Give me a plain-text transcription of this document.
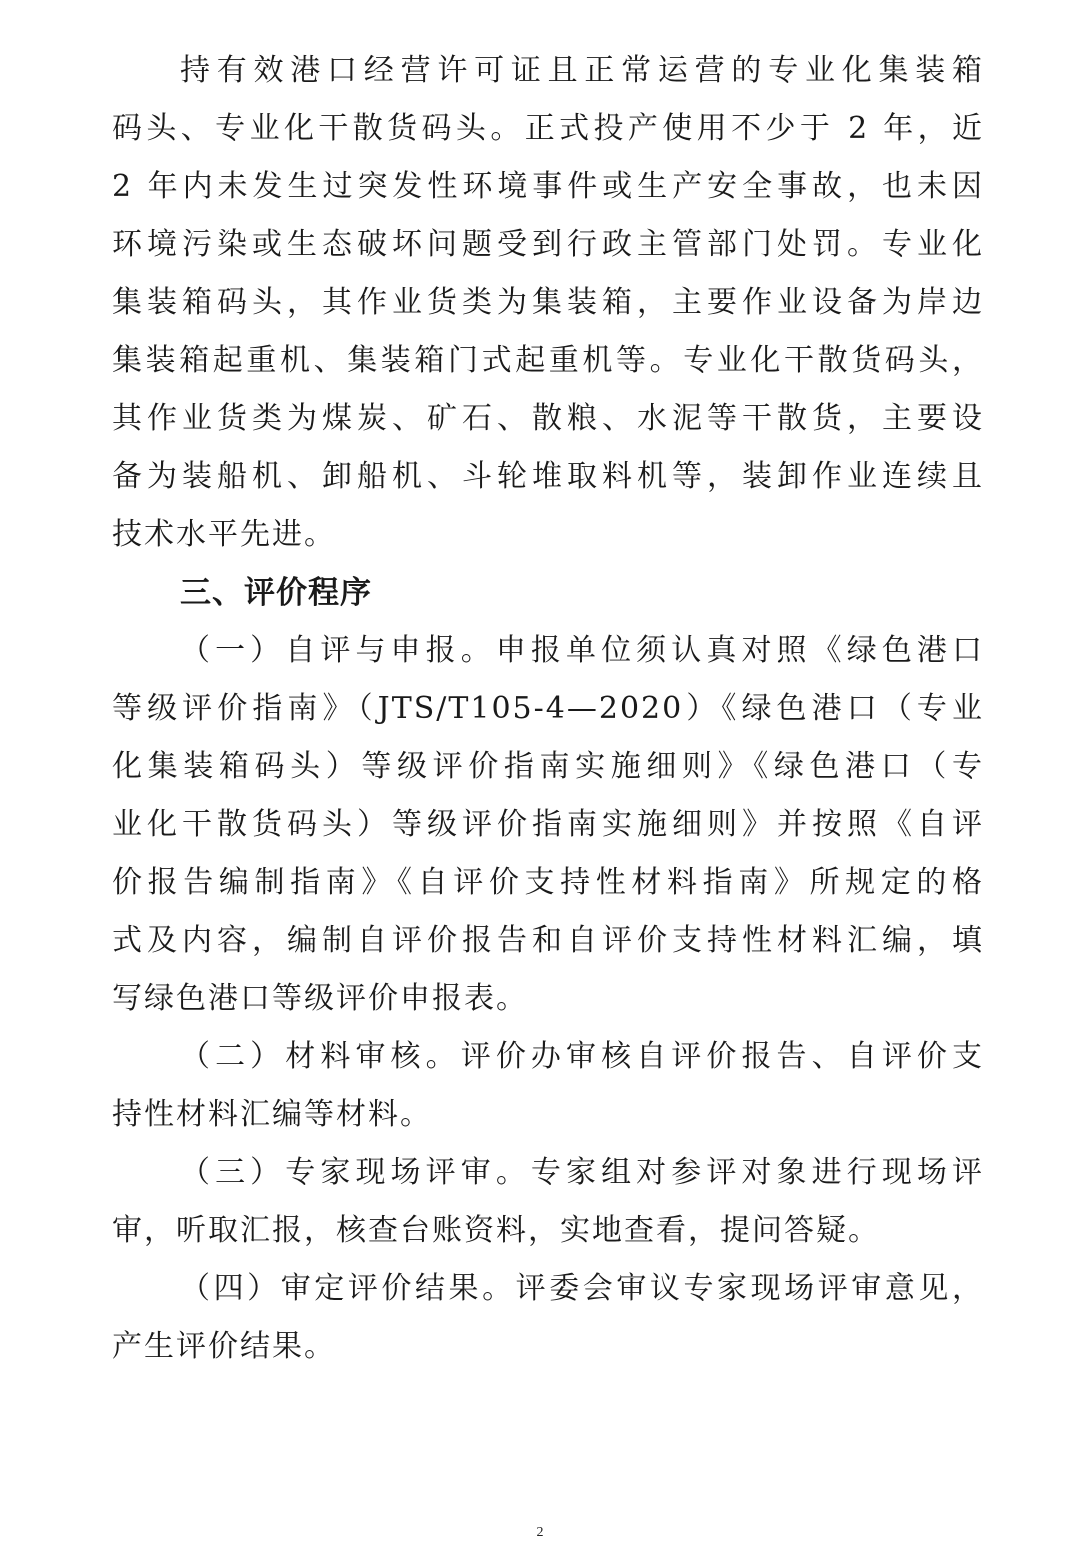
持有效港口经营许可证且正常运营的专业化集装箱
码头、专业化干散货码头。正式投产使用不少于 2 年，近
2 年内未发生过突发性环境事件或生产安全事故，也未因
环境污染或生态破坏问题受到行政主管部门处罚。专业化
集装箱码头，其作业货类为集装箱，主要作业设备为岸边
集装箱起重机、集装箱门式起重机等。专业化干散货码头，
其作业货类为煤炭、矿石、散粮、水泥等干散货，主要设
备为装船机、卸船机、斗轮堆取料机等，装卸作业连续且
技术水平先进。
三、评价程序
（一）自评与申报。申报单位须认真对照《绿色港口
等级评价指南》（JTS/T105-4—2020）《绿色港口（专业
化集装箱码头）等级评价指南实施细则》《绿色港口（专
业化干散货码头）等级评价指南实施细则》并按照《自评
价报告编制指南》《自评价支持性材料指南》所规定的格
式及内容，编制自评价报告和自评价支持性材料汇编，填
写绿色港口等级评价申报表。
（二）材料审核。评价办审核自评价报告、自评价支
持性材料汇编等材料。
（三）专家现场评审。专家组对参评对象进行现场评
审，听取汇报，核查台账资料，实地查看，提问答疑。
（四）审定评价结果。评委会审议专家现场评审意见，
产生评价结果。
2
